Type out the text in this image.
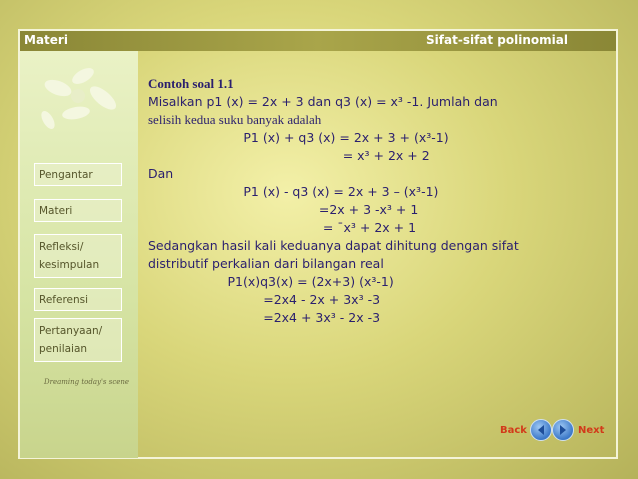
Materi	Sifat-sifat polinomial
Pengantar
Materi
Refleksi/
kesimpulan
Referensi
Pertanyaan/
penilaian
Dreaming today's scene
Contoh soal 1.1
Misalkan p1 (x) = 2x + 3 dan q3 (x) = x³ -1. Jumlah dan
selisih kedua suku banyak adalah
P1 (x) + q3 (x) = 2x + 3 + (x³-1)
= x³ + 2x + 2
Dan
P1 (x) - q3 (x) = 2x + 3 – (x³-1)
=2x + 3 -x³ + 1
= ¯x³ + 2x + 1
Sedangkan hasil kali keduanya dapat dihitung dengan sifat
distributif perkalian dari bilangan real
P1(x)q3(x) = (2x+3) (x³-1)
=2x4 - 2x + 3x³ -3
=2x4 + 3x³ - 2x -3
Back	Next
